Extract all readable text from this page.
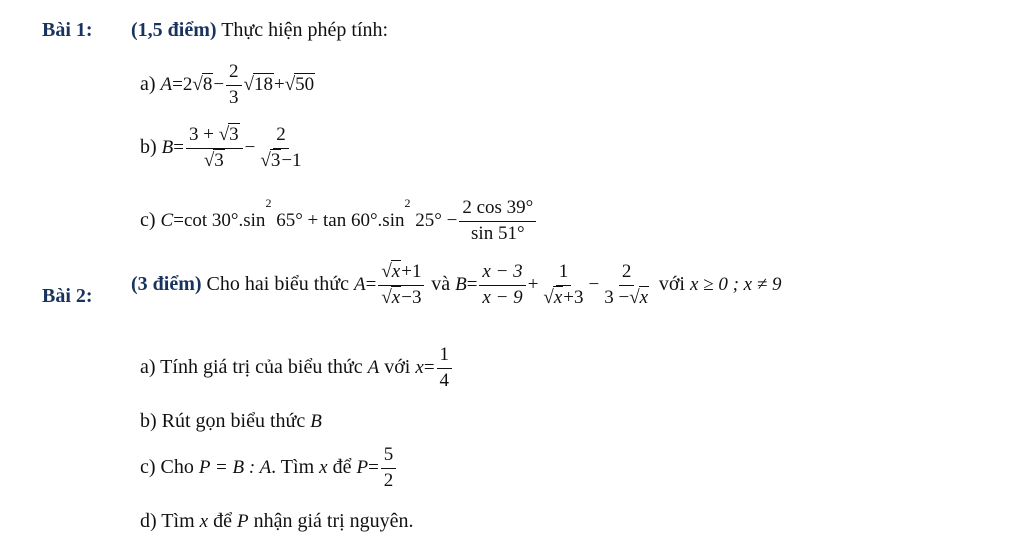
Bài 1: (1,5 điểm) Thực hiện phép tính:
a) $A=2√8- \frac{2}{3} √18+√50$
b) $B= \frac{3 + √3}{√3} - \frac{2}{√3-1}$
c) C=cot $30^\circ.\sin^2$ $65^\circ + \tan 60^\circ.\sin^2$ $25^\circ - \frac{2 \cos 39^\circ}{\sin 51^\circ}$
Bài 2:
(3 điểm) Cho hai biểu thức $A= \frac{√x+1}{√x-3}$ và $B= \frac{x - 3}{x - 9} + \frac{1}{√x+3} - \frac{2}{3 -√x}$ với x ≥ 0 ; x ≠ 9
a) Tính giá trị của biểu thức A với $x= \frac{1}{4}$
b) Rút gọn biểu thức B
c) Cho P = B : A. Tìm x để $P= \frac{5}{2}$
d) Tìm x để P nhận giá trị nguyên.
